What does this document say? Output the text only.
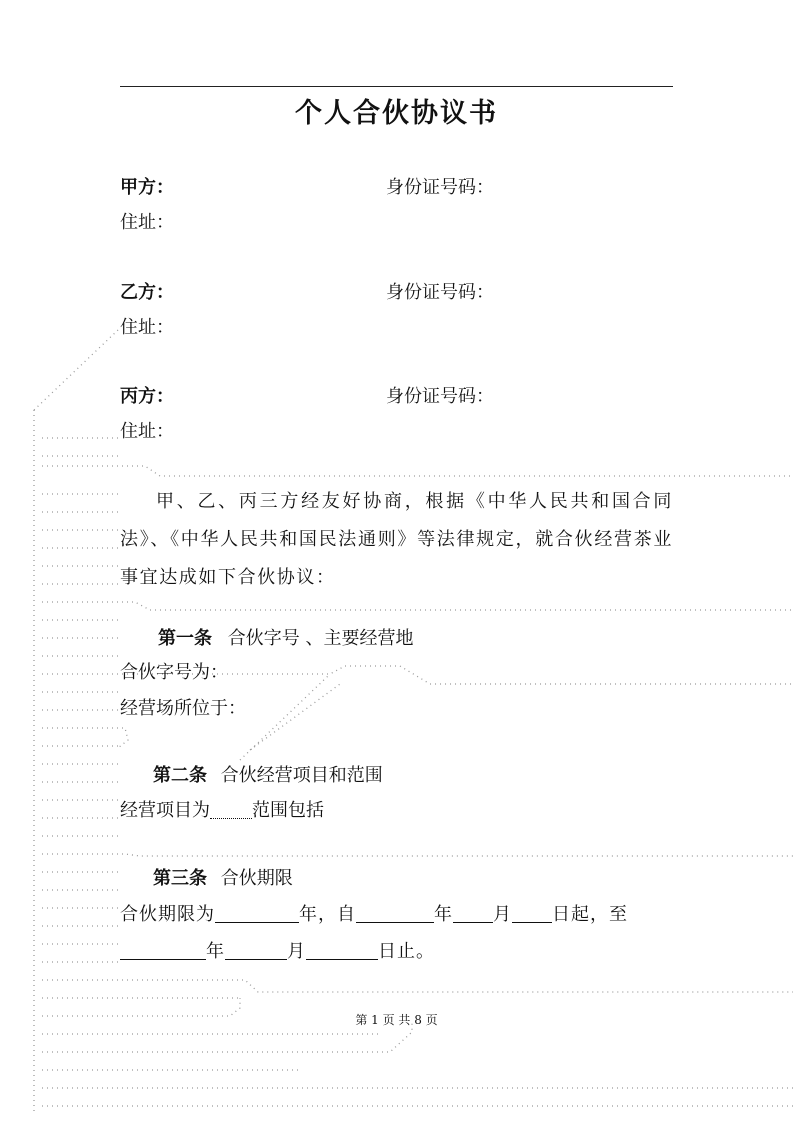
个人合伙协议书
甲方：	身份证号码：
住址：
乙方：	身份证号码：
住址：
丙方：	身份证号码：
住址：
甲、乙、丙三方经友好协商，根据《中华人民共和国合同法》、《中华人民共和国民法通则》等法律规定，就合伙经营茶业事宜达成如下合伙协议：
第一条 合伙字号 、主要经营地
合伙字号为：
经营场所位于：
第二条 合伙经营项目和范围
经营项目为 范围包括
第三条 合伙期限
合伙期限为	年，自	年 月 日起，至
年	月	日止。
第 1 页 共 8 页
